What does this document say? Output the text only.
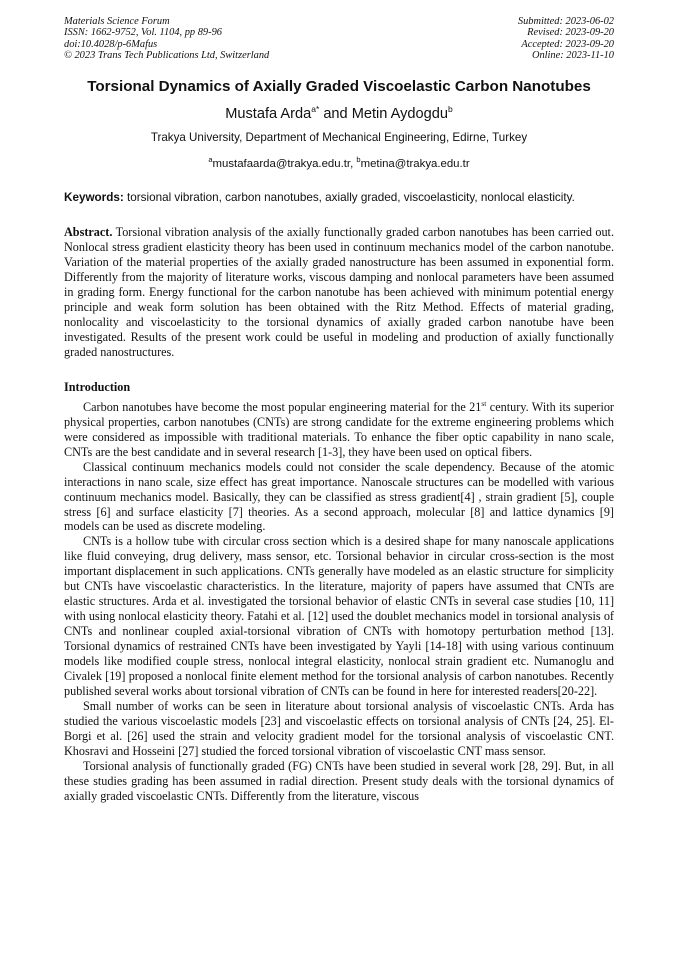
Materials Science Forum
ISSN: 1662-9752, Vol. 1104, pp 89-96
doi:10.4028/p-6Mafus
© 2023 Trans Tech Publications Ltd, Switzerland
Submitted: 2023-06-02
Revised: 2023-09-20
Accepted: 2023-09-20
Online: 2023-11-10
Torsional Dynamics of Axially Graded Viscoelastic Carbon Nanotubes
Mustafa Arda$^{a*}$ and Metin Aydogdu$^b$
Trakya University, Department of Mechanical Engineering, Edirne, Turkey
$^a$mustafaarda@trakya.edu.tr, $^b$metina@trakya.edu.tr
Keywords: torsional vibration, carbon nanotubes, axially graded, viscoelasticity, nonlocal elasticity.
Abstract. Torsional vibration analysis of the axially functionally graded carbon nanotubes has been carried out. Nonlocal stress gradient elasticity theory has been used in continuum mechanics model of the carbon nanotube. Variation of the material properties of the axially graded nanostructure has been assumed in exponential form. Differently from the majority of literature works, viscous damping and nonlocal parameters have been assumed in grading form. Energy functional for the carbon nanotube has been achieved with minimum potential energy principle and weak form solution has been obtained with the Ritz Method. Effects of material grading, nonlocality and viscoelasticity to the torsional dynamics of axially graded carbon nanotube have been investigated. Results of the present work could be useful in modeling and production of axially functionally graded nanostructures.
Introduction
Carbon nanotubes have become the most popular engineering material for the 21st century. With its superior physical properties, carbon nanotubes (CNTs) are strong candidate for the extreme engineering problems which were considered as impossible with traditional materials. To enhance the fiber optic capability in nano scale, CNTs are the best candidate and in several research [1-3], they have been used on optical fibers.
Classical continuum mechanics models could not consider the scale dependency. Because of the atomic interactions in nano scale, size effect has great importance. Nanoscale structures can be modelled with various continuum mechanics model. Basically, they can be classified as stress gradient[4] , strain gradient [5], couple stress [6] and surface elasticity [7] theories. As a second approach, molecular [8] and lattice dynamics [9] models can be used as discrete modeling.
CNTs is a hollow tube with circular cross section which is a desired shape for many nanoscale applications like fluid conveying, drug delivery, mass sensor, etc. Torsional behavior in circular cross-section is the most important displacement in such applications. CNTs generally have modeled as an elastic structure for simplicity but CNTs have viscoelastic characteristics. In the literature, majority of papers have assumed that CNTs are elastic structures. Arda et al. investigated the torsional behavior of elastic CNTs in several case studies [10, 11] with using nonlocal elasticity theory. Fatahi et al. [12] used the doublet mechanics model in torsional analysis of CNTs and nonlinear coupled axial-torsional vibration of CNTs with homotopy perturbation method [13]. Torsional dynamics of restrained CNTs have been investigated by Yayli [14-18] with using various continuum models like modified couple stress, nonlocal integral elasticity, nonlocal strain gradient etc. Numanoglu and Civalek [19] proposed a nonlocal finite element method for the torsional analysis of carbon nanotubes. Recently published several works about torsional vibration of CNTs can be found in here for interested readers[20-22].
Small number of works can be seen in literature about torsional analysis of viscoelastic CNTs. Arda has studied the various viscoelastic models [23] and viscoelastic effects on torsional analysis of CNTs [24, 25]. El-Borgi et al. [26] used the strain and velocity gradient model for the torsional analysis of viscoelastic CNT. Khosravi and Hosseini [27] studied the forced torsional vibration of viscoelastic CNT mass sensor.
Torsional analysis of functionally graded (FG) CNTs have been studied in several work [28, 29]. But, in all these studies grading has been assumed in radial direction. Present study deals with the torsional dynamics of axially graded viscoelastic CNTs. Differently from the literature, viscous
